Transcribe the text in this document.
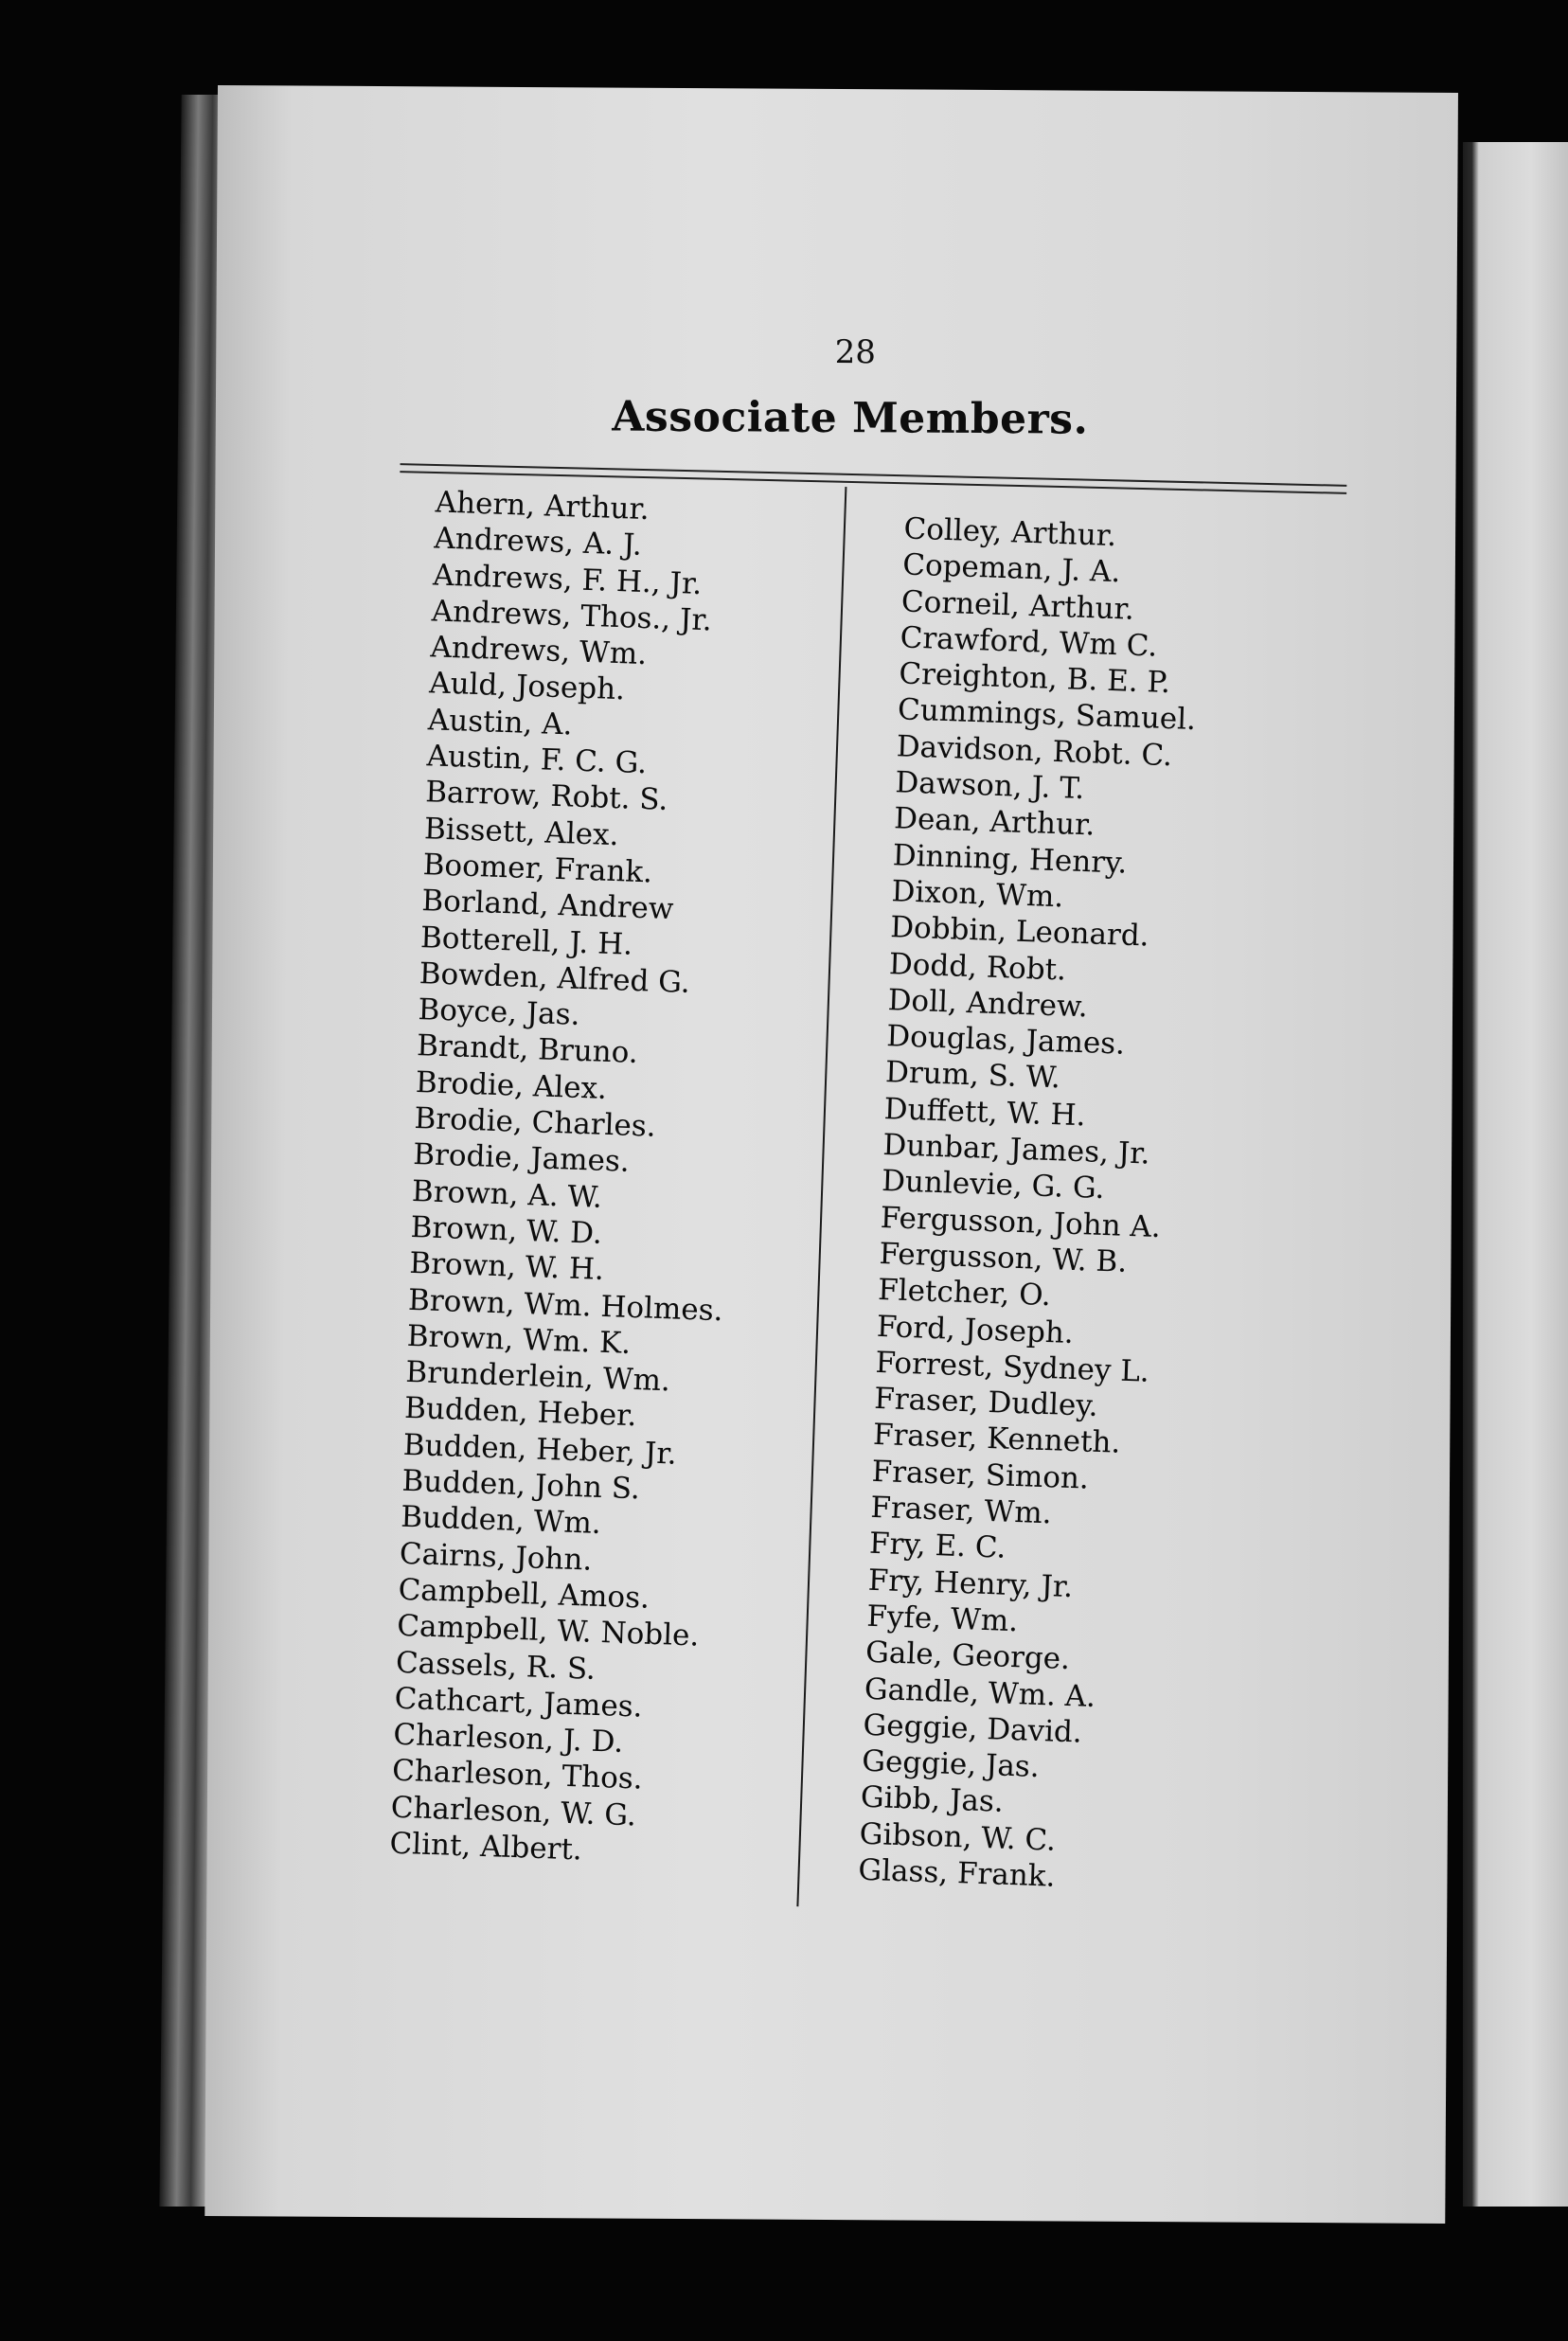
28
Associate Members.
Ahern, Arthur.
Andrews, A. J.
Andrews, F. H., Jr.
Andrews, Thos., Jr.
Andrews, Wm.
Auld, Joseph.
Austin, A.
Austin, F. C. G.
Barrow, Robt. S.
Bissett, Alex.
Boomer, Frank.
Borland, Andrew
Botterell, J. H.
Bowden, Alfred G.
Boyce, Jas.
Brandt, Bruno.
Brodie, Alex.
Brodie, Charles.
Brodie, James.
Brown, A. W.
Brown, W. D.
Brown, W. H.
Brown, Wm. Holmes.
Brown, Wm. K.
Brunderlein, Wm.
Budden, Heber.
Budden, Heber, Jr.
Budden, John S.
Budden, Wm.
Cairns, John.
Campbell, Amos.
Campbell, W. Noble.
Cassels, R. S.
Cathcart, James.
Charleson, J. D.
Charleson, Thos.
Charleson, W. G.
Clint, Albert.
Colley, Arthur.
Copeman, J. A.
Corneil, Arthur.
Crawford, Wm C.
Creighton, B. E. P.
Cummings, Samuel.
Davidson, Robt. C.
Dawson, J. T.
Dean, Arthur.
Dinning, Henry.
Dixon, Wm.
Dobbin, Leonard.
Dodd, Robt.
Doll, Andrew.
Douglas, James.
Drum, S. W.
Duffett, W. H.
Dunbar, James, Jr.
Dunlevie, G. G.
Fergusson, John A.
Fergusson, W. B.
Fletcher, O.
Ford, Joseph.
Forrest, Sydney L.
Fraser, Dudley.
Fraser, Kenneth.
Fraser, Simon.
Fraser, Wm.
Fry, E. C.
Fry, Henry, Jr.
Fyfe, Wm.
Gale, George.
Gandle, Wm. A.
Geggie, David.
Geggie, Jas.
Gibb, Jas.
Gibson, W. C.
Glass, Frank.
